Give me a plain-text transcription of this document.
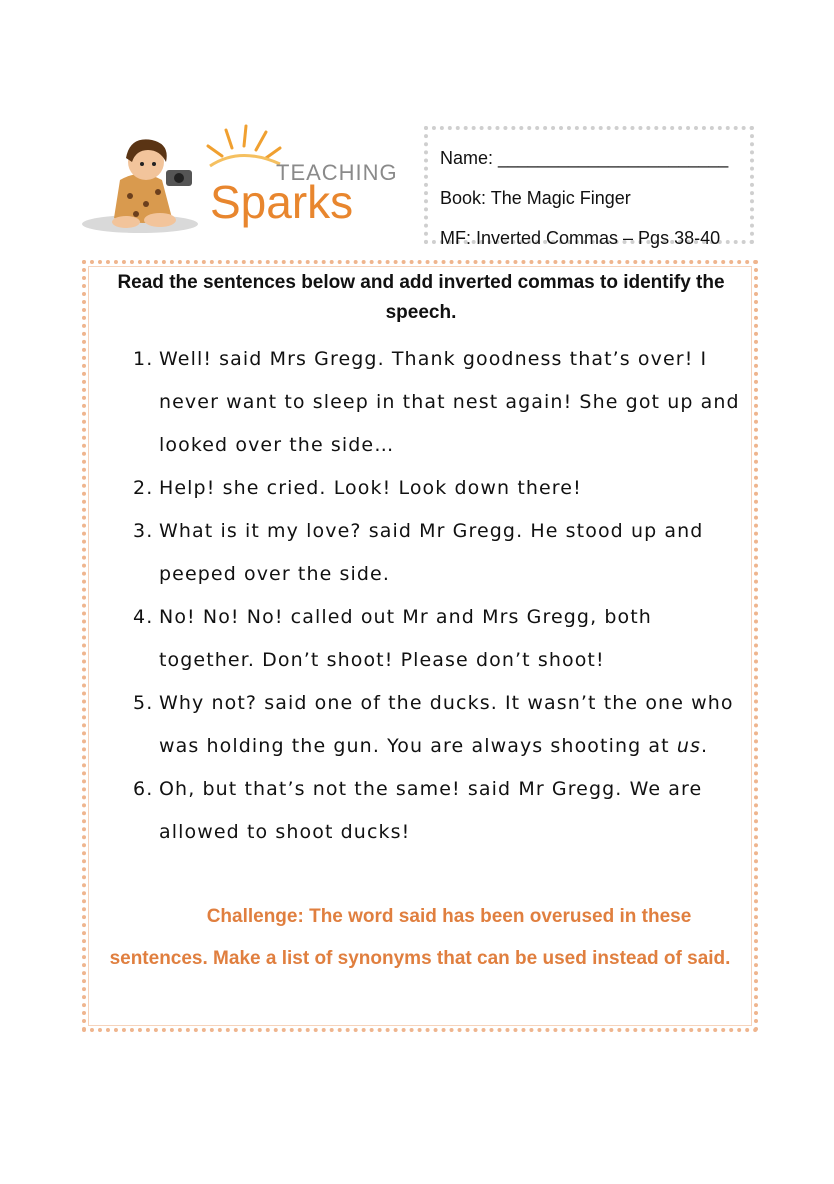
TEACHING
Sparks
Name: _______________________
Book: The Magic Finger
MF: Inverted Commas – Pgs 38-40
Read the sentences below and add inverted commas to identify the speech.
1. Well! said Mrs Gregg. Thank goodness that’s over! I never want to sleep in that nest again! She got up and looked over the side…
2. Help! she cried. Look! Look down there!
3. What is it my love? said Mr Gregg. He stood up and peeped over the side.
4. No! No! No! called out Mr and Mrs Gregg, both together. Don’t shoot! Please don’t shoot!
5. Why not? said one of the ducks. It wasn’t the one who was holding the gun. You are always shooting at us.
6. Oh, but that’s not the same! said Mr Gregg. We are allowed to shoot ducks!
Challenge: The word said has been overused in these sentences. Make a list of synonyms that can be used instead of said.
